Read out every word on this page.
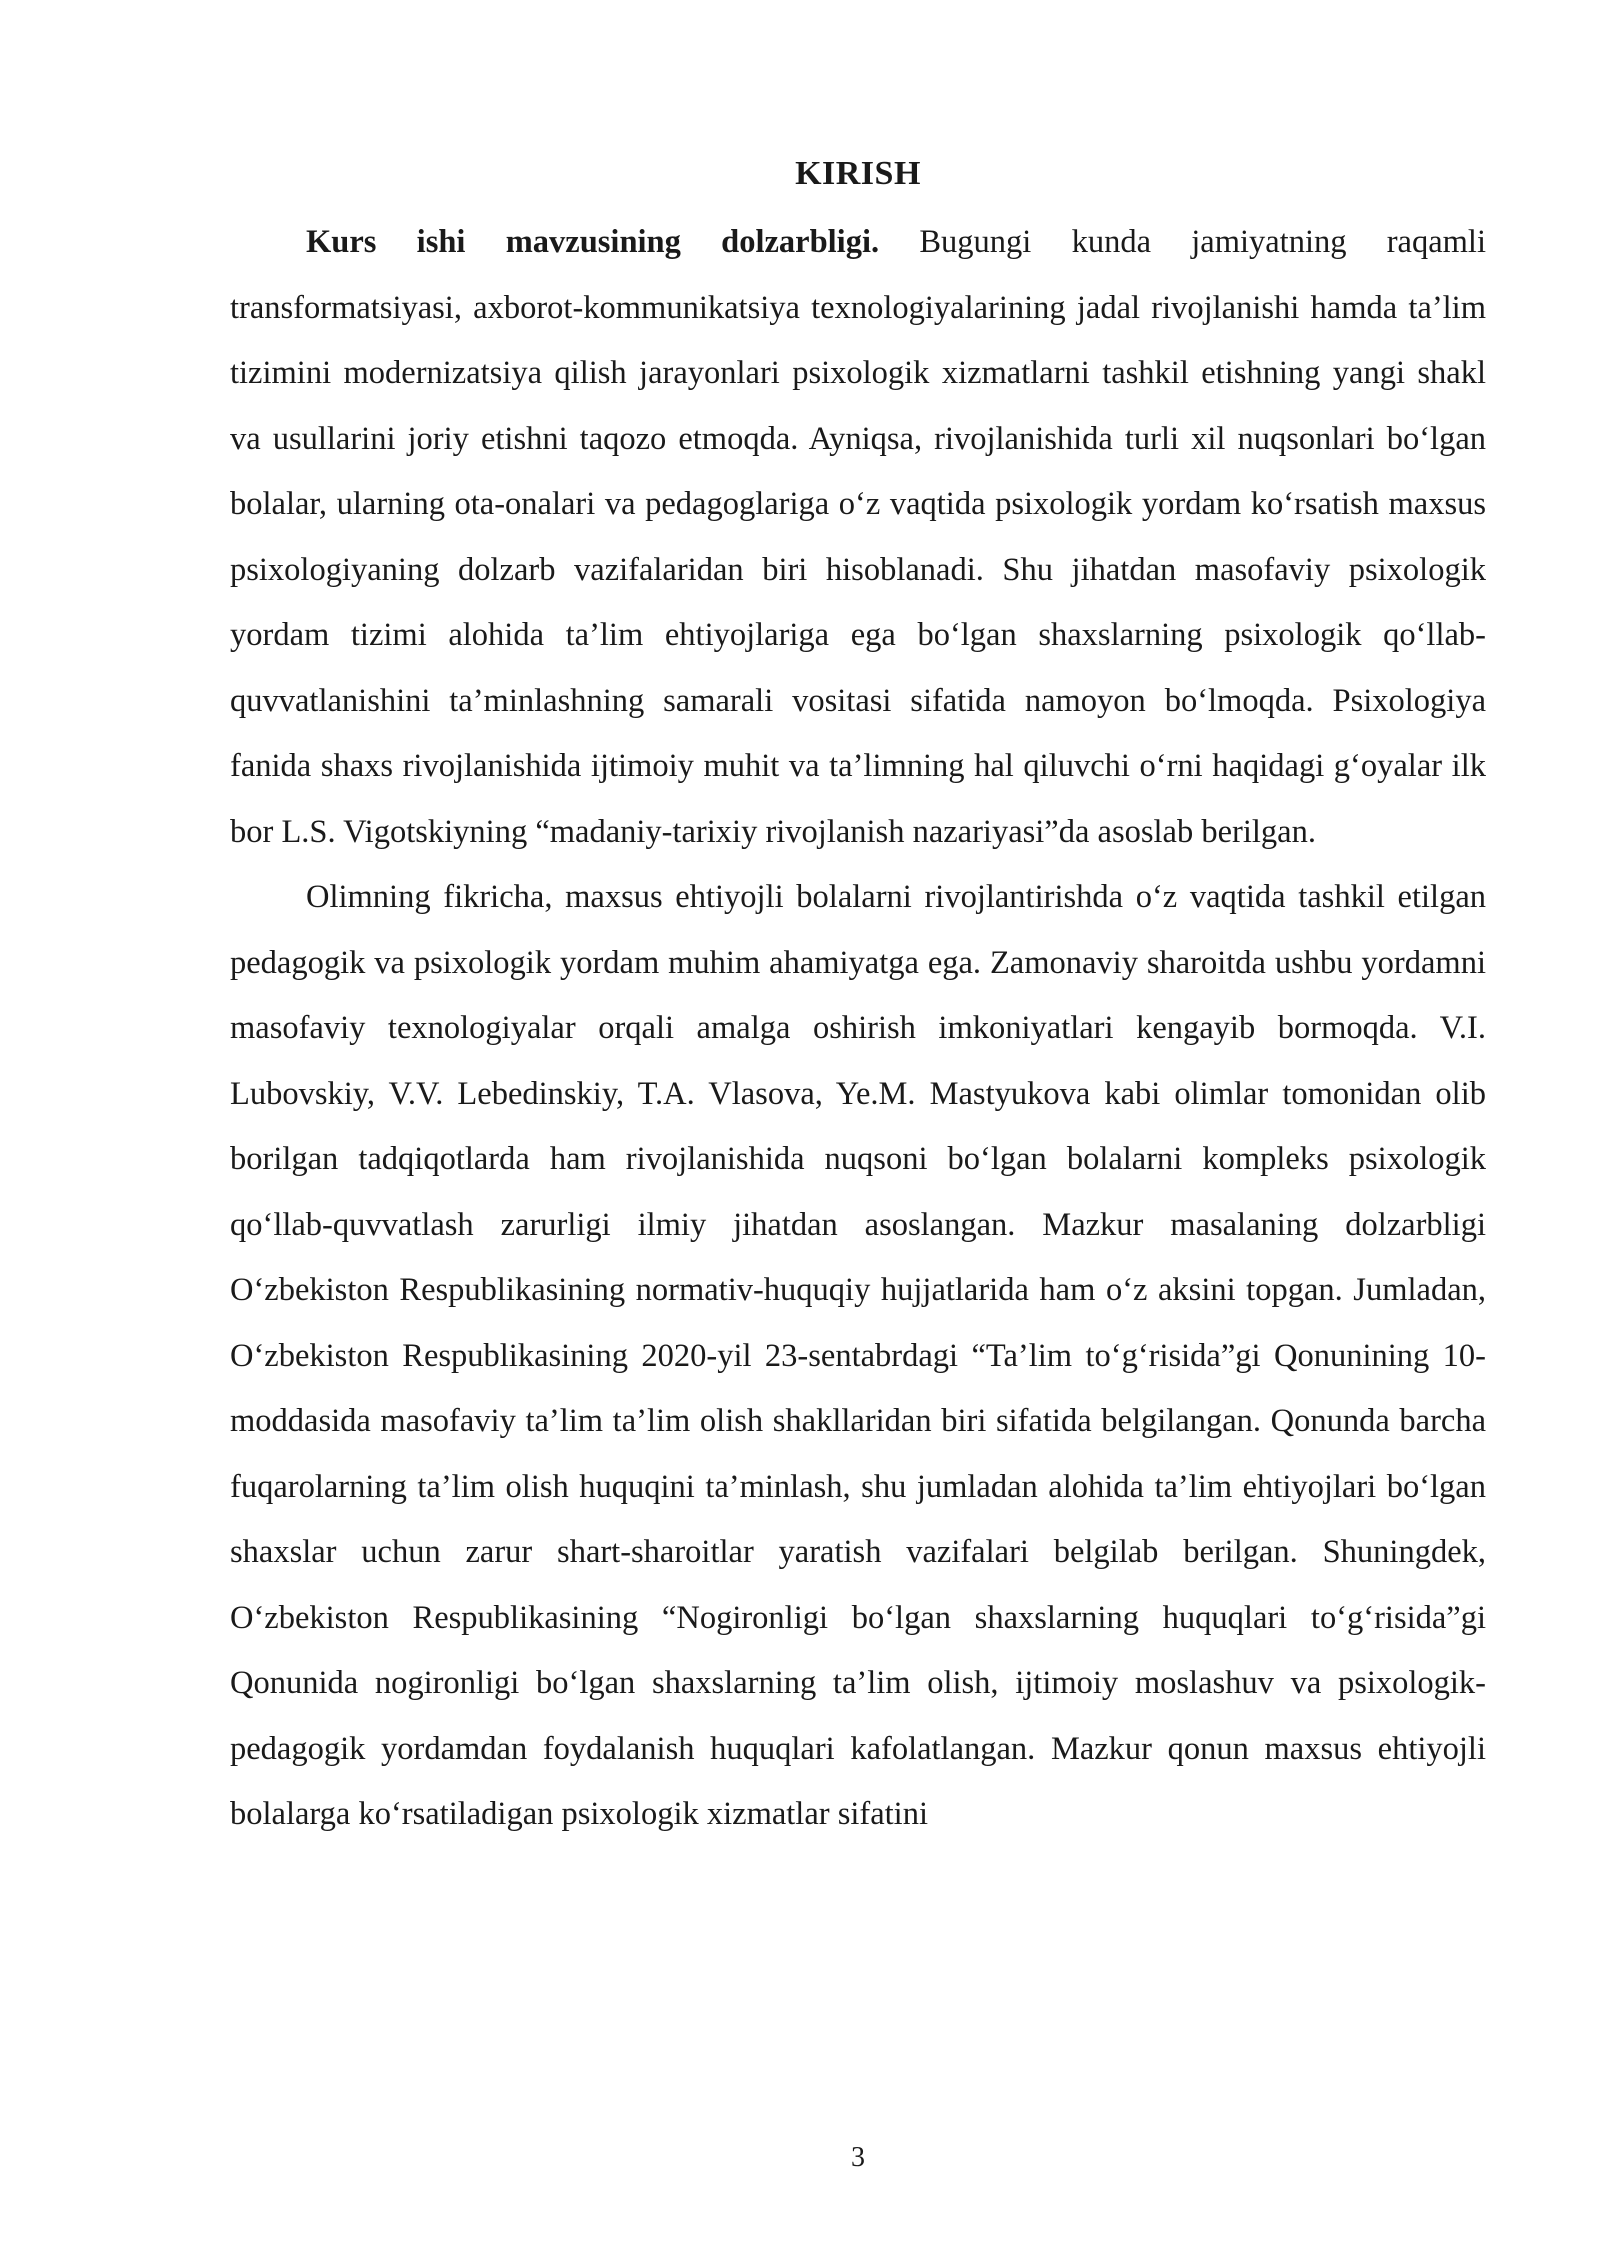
KIRISH

Kurs ishi mavzusining dolzarbligi. Bugungi kunda jamiyatning raqamli transformatsiyasi, axborot-kommunikatsiya texnologiyalarining jadal rivojlanishi hamda ta’lim tizimini modernizatsiya qilish jarayonlari psixologik xizmatlarni tashkil etishning yangi shakl va usullarini joriy etishni taqozo etmoqda. Ayniqsa, rivojlanishida turli xil nuqsonlari bo‘lgan bolalar, ularning ota-onalari va pedagoglariga o‘z vaqtida psixologik yordam ko‘rsatish maxsus psixologiyaning dolzarb vazifalaridan biri hisoblanadi. Shu jihatdan masofaviy psixologik yordam tizimi alohida ta’lim ehtiyojlariga ega bo‘lgan shaxslarning psixologik qo‘llab-quvvatlanishini ta’minlashning samarali vositasi sifatida namoyon bo‘lmoqda. Psixologiya fanida shaxs rivojlanishida ijtimoiy muhit va ta’limning hal qiluvchi o‘rni haqidagi g‘oyalar ilk bor L.S. Vigotskiyning “madaniy-tarixiy rivojlanish nazariyasi”da asoslab berilgan.

Olimning fikricha, maxsus ehtiyojli bolalarni rivojlantirishda o‘z vaqtida tashkil etilgan pedagogik va psixologik yordam muhim ahamiyatga ega. Zamonaviy sharoitda ushbu yordamni masofaviy texnologiyalar orqali amalga oshirish imkoniyatlari kengayib bormoqda. V.I. Lubovskiy, V.V. Lebedinskiy, T.A. Vlasova, Ye.M. Mastyukova kabi olimlar tomonidan olib borilgan tadqiqotlarda ham rivojlanishida nuqsoni bo‘lgan bolalarni kompleks psixologik qo‘llab-quvvatlash zarurligi ilmiy jihatdan asoslangan. Mazkur masalaning dolzarbligi O‘zbekiston Respublikasining normativ-huquqiy hujjatlarida ham o‘z aksini topgan. Jumladan, O‘zbekiston Respublikasining 2020-yil 23-sentabrdagi “Ta’lim to‘g‘risida”gi Qonunining 10-moddasida masofaviy ta’lim ta’lim olish shakllaridan biri sifatida belgilangan. Qonunda barcha fuqarolarning ta’lim olish huquqini ta’minlash, shu jumladan alohida ta’lim ehtiyojlari bo‘lgan shaxslar uchun zarur shart-sharoitlar yaratish vazifalari belgilab berilgan. Shuningdek, O‘zbekiston Respublikasining “Nogironligi bo‘lgan shaxslarning huquqlari to‘g‘risida”gi Qonunida nogironligi bo‘lgan shaxslarning ta’lim olish, ijtimoiy moslashuv va psixologik-pedagogik yordamdan foydalanish huquqlari kafolatlangan. Mazkur qonun maxsus ehtiyojli bolalarga ko‘rsatiladigan psixologik xizmatlar sifatini

3
